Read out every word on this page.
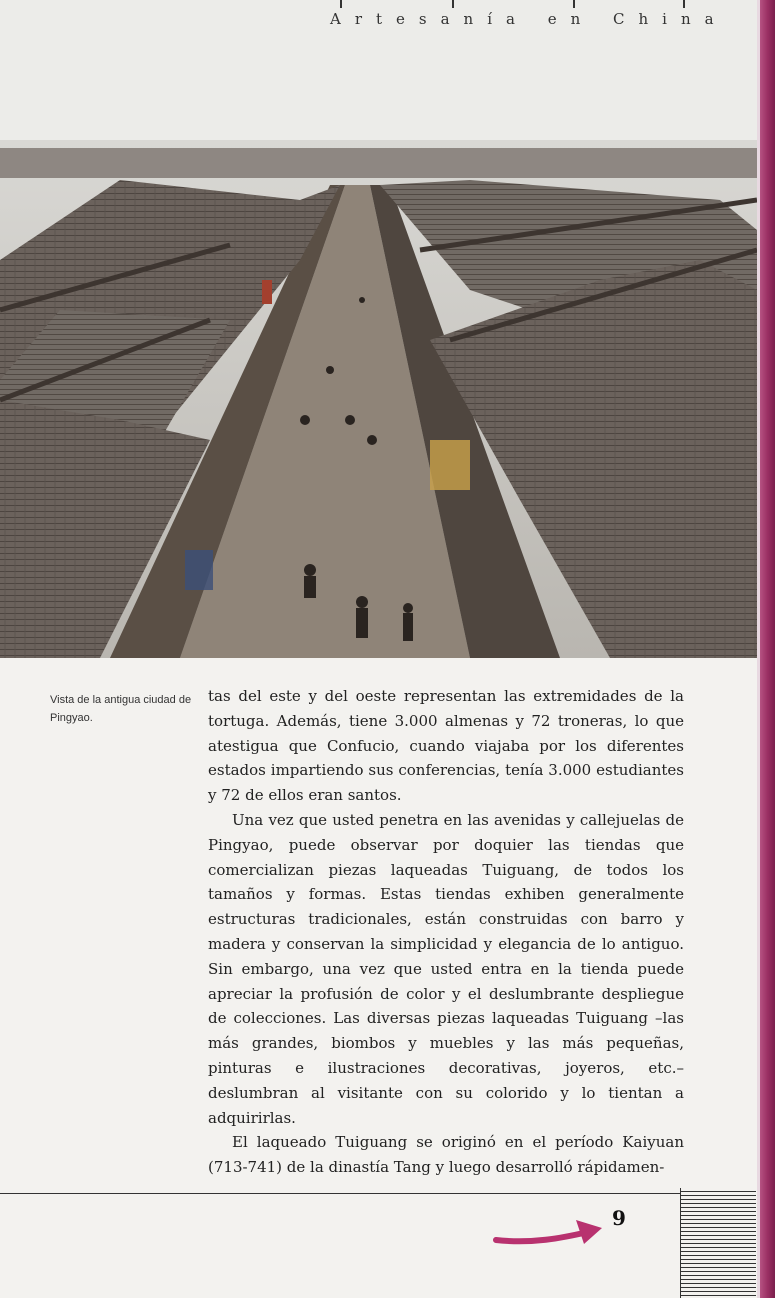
Artesanía en China
Vista de la antigua ciudad de Pingyao.

tas del este y del oeste representan las extremidades de la tortuga. Además, tiene 3.000 almenas y 72 troneras, lo que atestigua que Confucio, cuando viajaba por los diferentes estados impartiendo sus conferencias, tenía 3.000 estudiantes y 72 de ellos eran santos.

Una vez que usted penetra en las avenidas y callejuelas de Pingyao, puede observar por doquier las tiendas que comercializan piezas laqueadas Tuiguang, de todos los tamaños y formas. Estas tiendas exhiben generalmente estructuras tradicionales, están construidas con barro y madera y conservan la simplicidad y elegancia de lo antiguo. Sin embargo, una vez que usted entra en la tienda puede apreciar la profusión de color y el deslumbrante despliegue de colecciones. Las diversas piezas laqueadas Tuiguang –las más grandes, biombos y muebles y las más pequeñas, pinturas e ilustraciones decorativas, joyeros, etc.– deslumbran al visitante con su colorido y lo tientan a adquirirlas.

El laqueado Tuiguang se originó en el período Kaiyuan (713-741) de la dinastía Tang y luego desarrolló rápidamen-

9
